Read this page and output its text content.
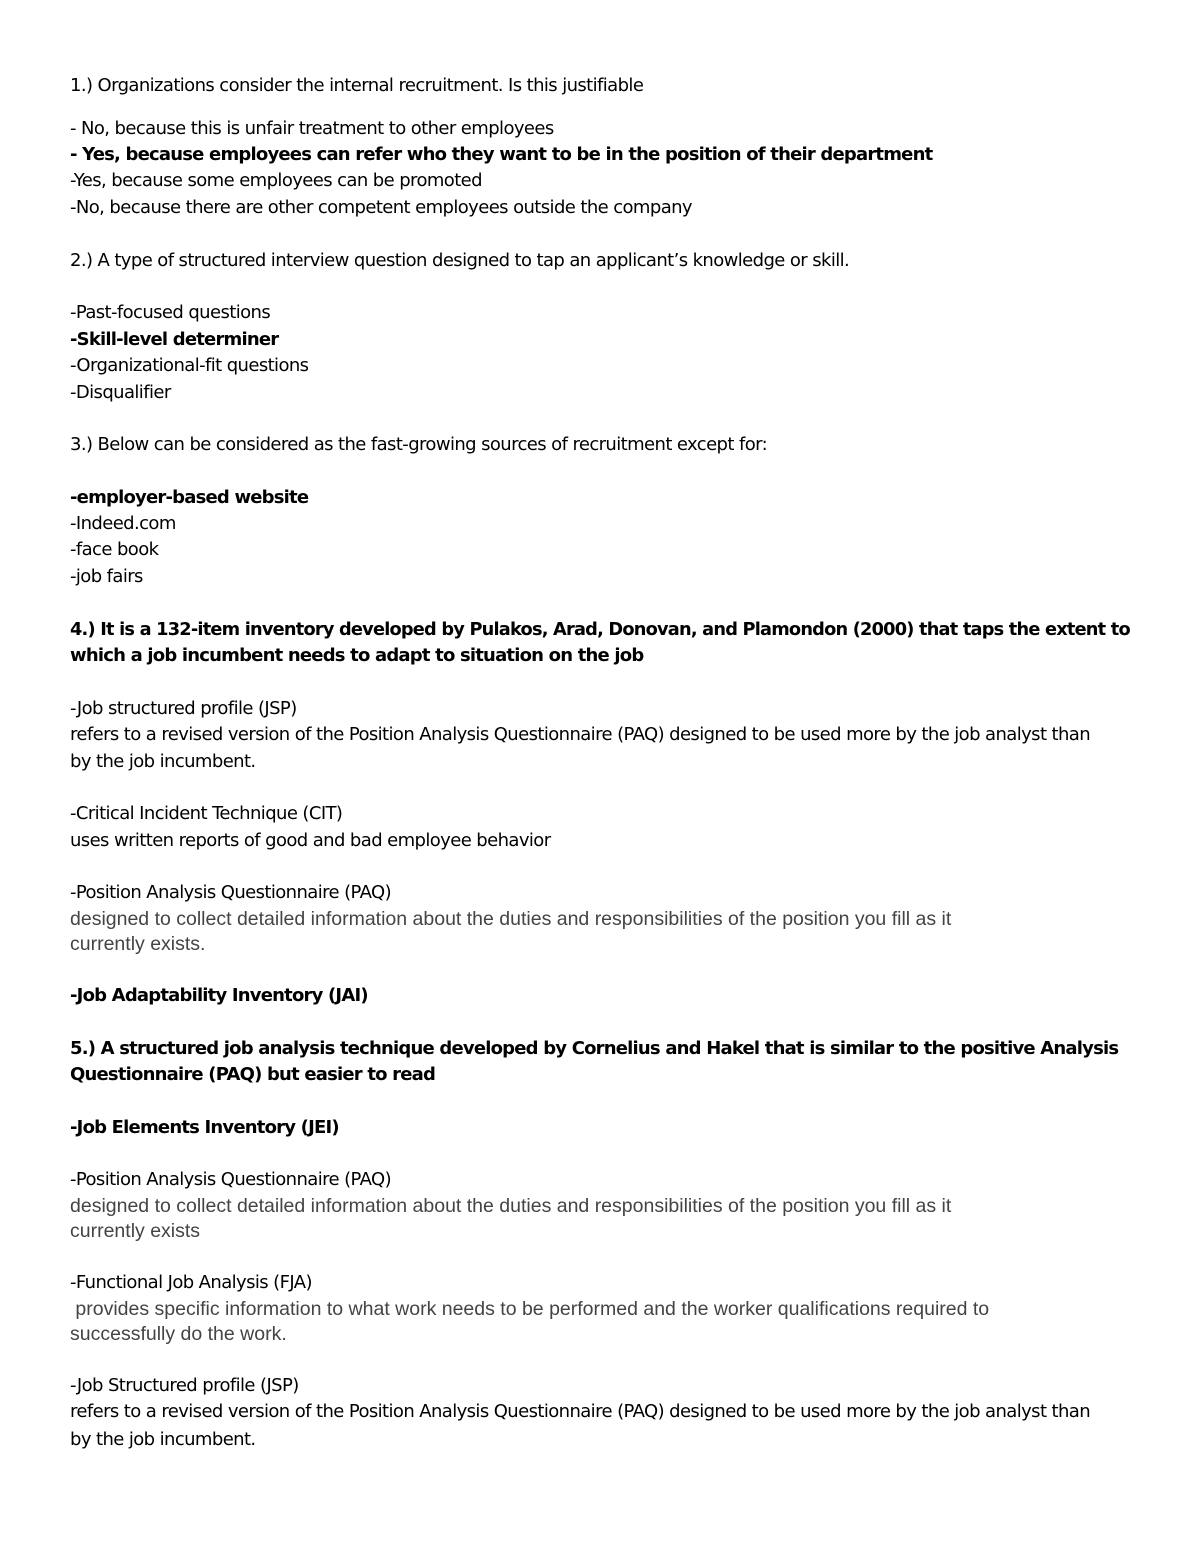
1.) Organizations consider the internal recruitment. Is this justifiable
- No, because this is unfair treatment to other employees
- Yes, because employees can refer who they want to be in the position of their department
-Yes, because some employees can be promoted
-No, because there are other competent employees outside the company
2.) A type of structured interview question designed to tap an applicant’s knowledge or skill.
-Past-focused questions
-Skill-level determiner
-Organizational-fit questions
-Disqualifier
3.) Below can be considered as the fast-growing sources of recruitment except for:
-employer-based website
-Indeed.com
-face book
-job fairs
4.) It is a 132-item inventory developed by Pulakos, Arad, Donovan, and Plamondon (2000) that taps the extent to
which a job incumbent needs to adapt to situation on the job
-Job structured profile (JSP)
refers to a revised version of the Position Analysis Questionnaire (PAQ) designed to be used more by the job analyst than
by the job incumbent.
-Critical Incident Technique (CIT)
uses written reports of good and bad employee behavior
-Position Analysis Questionnaire (PAQ)
designed to collect detailed information about the duties and responsibilities of the position you fill as it
currently exists.
-Job Adaptability Inventory (JAI)
5.) A structured job analysis technique developed by Cornelius and Hakel that is similar to the positive Analysis
Questionnaire (PAQ) but easier to read
-Job Elements Inventory (JEI)
-Position Analysis Questionnaire (PAQ)
designed to collect detailed information about the duties and responsibilities of the position you fill as it
currently exists
-Functional Job Analysis (FJA)
provides specific information to what work needs to be performed and the worker qualifications required to
successfully do the work.
-Job Structured profile (JSP)
refers to a revised version of the Position Analysis Questionnaire (PAQ) designed to be used more by the job analyst than
by the job incumbent.
